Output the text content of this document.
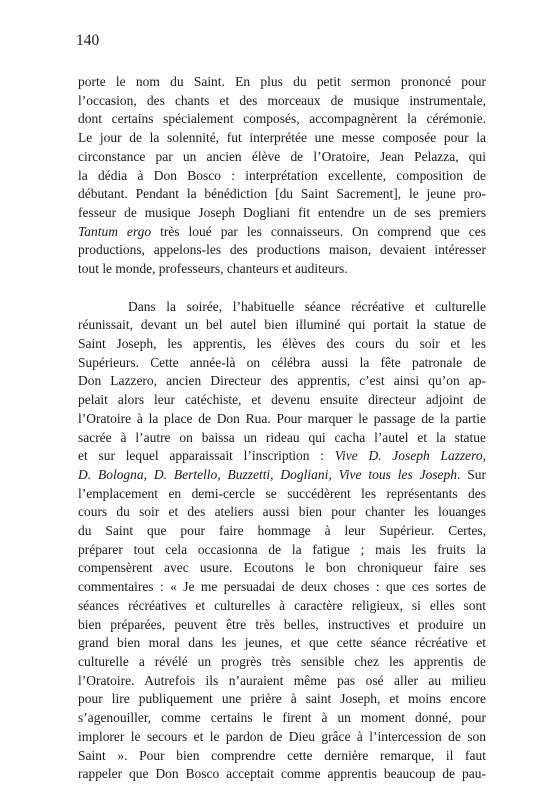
140
porte le nom du Saint. En plus du petit sermon prononcé pour
l’occasion, des chants et des morceaux de musique instrumentale,
dont certains spécialement composés, accompagnèrent la cérémonie.
Le jour de la solennité, fut interprétée une messe composée pour la
circonstance par un ancien élève de l’Oratoire, Jean Pelazza, qui
la dédia à Don Bosco : interprétation excellente, composition de
débutant. Pendant la bénédiction [du Saint Sacrement], le jeune pro-
fesseur de musique Joseph Dogliani fit entendre un de ses premiers
Tantum ergo très loué par les connaisseurs. On comprend que ces
productions, appelons-les des productions maison, devaient intéresser
tout le monde, professeurs, chanteurs et auditeurs.
Dans la soirée, l’habituelle séance récréative et culturelle
réunissait, devant un bel autel bien illuminé qui portait la statue de
Saint Joseph, les apprentis, les élèves des cours du soir et les
Supérieurs. Cette année-là on célébra aussi la fête patronale de
Don Lazzero, ancien Directeur des apprentis, c’est ainsi qu’on ap-
pelait alors leur catéchiste, et devenu ensuite directeur adjoint de
l’Oratoire à la place de Don Rua. Pour marquer le passage de la partie
sacrée à l’autre on baissa un rideau qui cacha l’autel et la statue
et sur lequel apparaissait l’inscription : Vive D. Joseph Lazzero,
D. Bologna, D. Bertello, Buzzetti, Dogliani, Vive tous les Joseph. Sur
l’emplacement en demi-cercle se succédèrent les représentants des
cours du soir et des ateliers aussi bien pour chanter les louanges
du Saint que pour faire hommage à leur Supérieur. Certes,
préparer tout cela occasionna de la fatigue ; mais les fruits la
compensèrent avec usure. Ecoutons le bon chroniqueur faire ses
commentaires : « Je me persuadai de deux choses : que ces sortes de
séances récréatives et culturelles à caractère religieux, si elles sont
bien préparées, peuvent être très belles, instructives et produire un
grand bien moral dans les jeunes, et que cette séance récréative et
culturelle a révélé un progrès très sensible chez les apprentis de
l’Oratoire. Autrefois ils n’auraient même pas osé aller au milieu
pour lire publiquement une prière à saint Joseph, et moins encore
s’agenouiller, comme certains le firent à un moment donné, pour
implorer le secours et le pardon de Dieu grâce à l’intercession de son
Saint ». Pour bien comprendre cette dernière remarque, il faut
rappeler que Don Bosco acceptait comme apprentis beaucoup de pau-
